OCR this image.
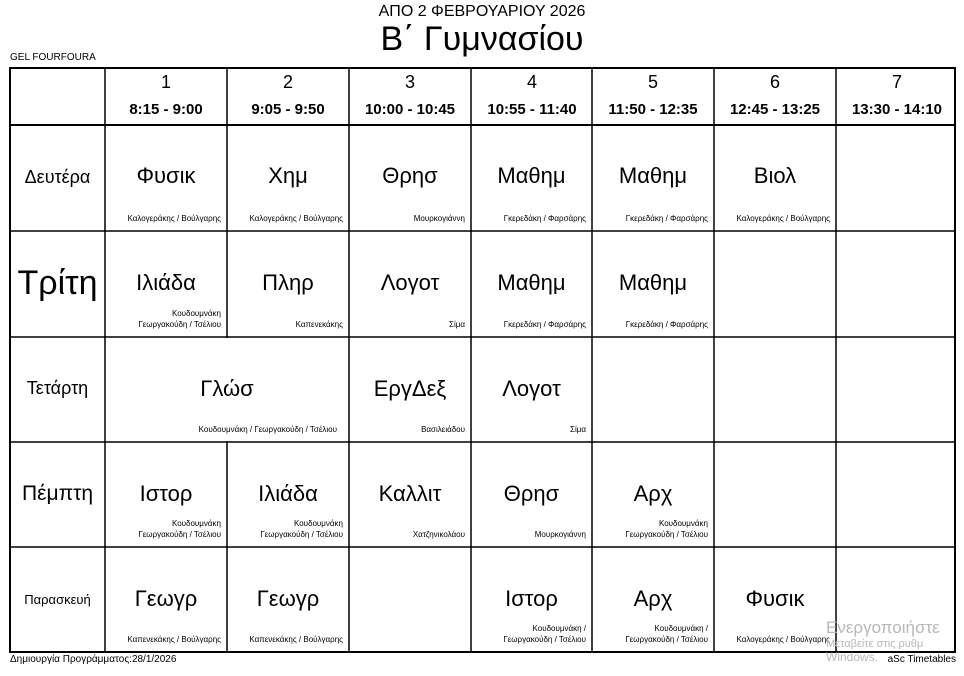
ΑΠΟ 2 ΦΕΒΡΟΥΑΡΙΟΥ 2026
Β΄ Γυμνασίου
GEL FOURFOURA
1
8:15 - 9:00
2
9:05 - 9:50
3
10:00 - 10:45
4
10:55 - 11:40
5
11:50 - 12:35
6
12:45 - 13:25
7
13:30 - 14:10
Δευτέρα
Τρίτη
Τετάρτη
Πέμπτη
Παρασκευή
Φυσικ
Καλογεράκης / Βούλγαρης
Χημ
Καλογεράκης / Βούλγαρης
Θρησ
Μουρκογιάννη
Μαθημ
Γκερεδάκη / Φαρσάρης
Μαθημ
Γκερεδάκη / Φαρσάρης
Βιολ
Καλογεράκης / Βούλγαρης
Ιλιάδα
Κουδουμνάκη
Γεωργακούδη / Τσέλιου
Πληρ
Καπενεκάκης
Λογοτ
Σίμα
Μαθημ
Γκερεδάκη / Φαρσάρης
Μαθημ
Γκερεδάκη / Φαρσάρης
Γλώσ
Κουδουμνάκη / Γεωργακούδη / Τσέλιου
ΕργΔεξ
Βασιλειάδου
Λογοτ
Σίμα
Ιστορ
Κουδουμνάκη
Γεωργακούδη / Τσέλιου
Ιλιάδα
Κουδουμνάκη
Γεωργακούδη / Τσέλιου
Καλλιτ
Χατζηνικολάου
Θρησ
Μουρκογιάννη
Αρχ
Κουδουμνάκη
Γεωργακούδη / Τσέλιου
Γεωγρ
Καπενεκάκης / Βούλγαρης
Γεωγρ
Καπενεκάκης / Βούλγαρης
Ιστορ
Κουδουμνάκη /
Γεωργακούδη / Τσέλιου
Αρχ
Κουδουμνάκη /
Γεωργακούδη / Τσέλιου
Φυσικ
Καλογεράκης / Βούλγαρης
Δημιουργία Προγράμματος:28/1/2026	aSc Timetables
Ενεργοποιήστε
Μεταβείτε στις ρυθμ
Windows.
